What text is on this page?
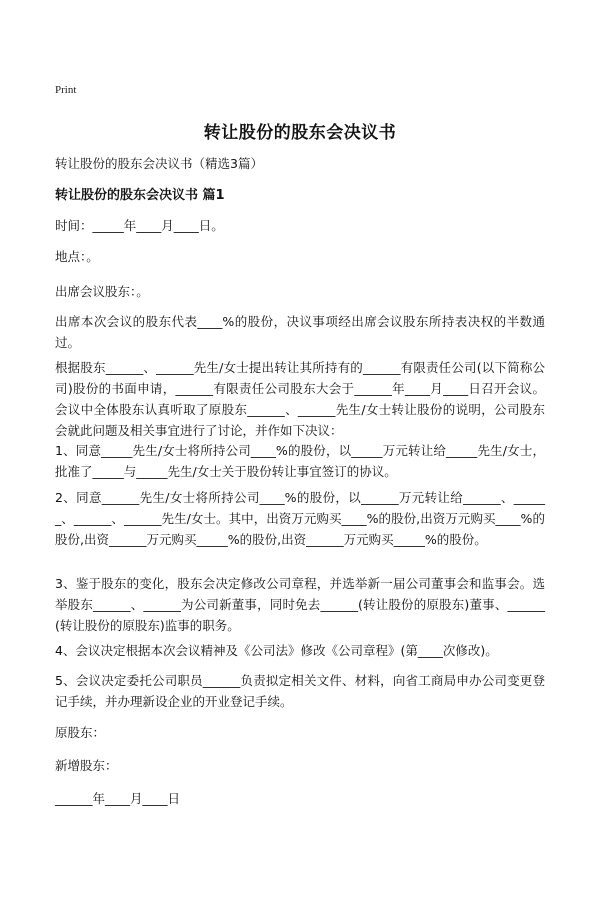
Print
转让股份的股东会决议书
转让股份的股东会决议书（精选3篇）
转让股份的股东会决议书 篇1
时间：_____年____月____日。
地点：。
出席会议股东：。
出席本次会议的股东代表____%的股份，决议事项经出席会议股东所持表决权的半数通过。
根据股东______、______先生/女士提出转让其所持有的______有限责任公司(以下简称公司)股份的书面申请，______有限责任公司股东大会于______年____月____日召开会议。会议中全体股东认真听取了原股东______、______先生/女士转让股份的说明，公司股东会就此问题及相关事宜进行了讨论，并作如下决议：
1、同意_____先生/女士将所持公司____%的股份，以_____万元转让给_____先生/女士，批准了_____与_____先生/女士关于股份转让事宜签订的协议。
2、同意______先生/女士将所持公司____%的股份，以______万元转让给______、______、______、______先生/女士。其中，出资万元购买____%的股份,出资万元购买____%的股份,出资______万元购买_____%的股份,出资______万元购买_____%的股份。
3、鉴于股东的变化，股东会决定修改公司章程，并选举新一届公司董事会和监事会。选举股东______、______为公司新董事，同时免去______(转让股份的原股东)董事、______(转让股份的原股东)监事的职务。
4、会议决定根据本次会议精神及《公司法》修改《公司章程》(第____次修改)。
5、会议决定委托公司职员______负责拟定相关文件、材料，向省工商局申办公司变更登记手续，并办理新设企业的开业登记手续。
原股东：
新增股东：
______年____月____日
